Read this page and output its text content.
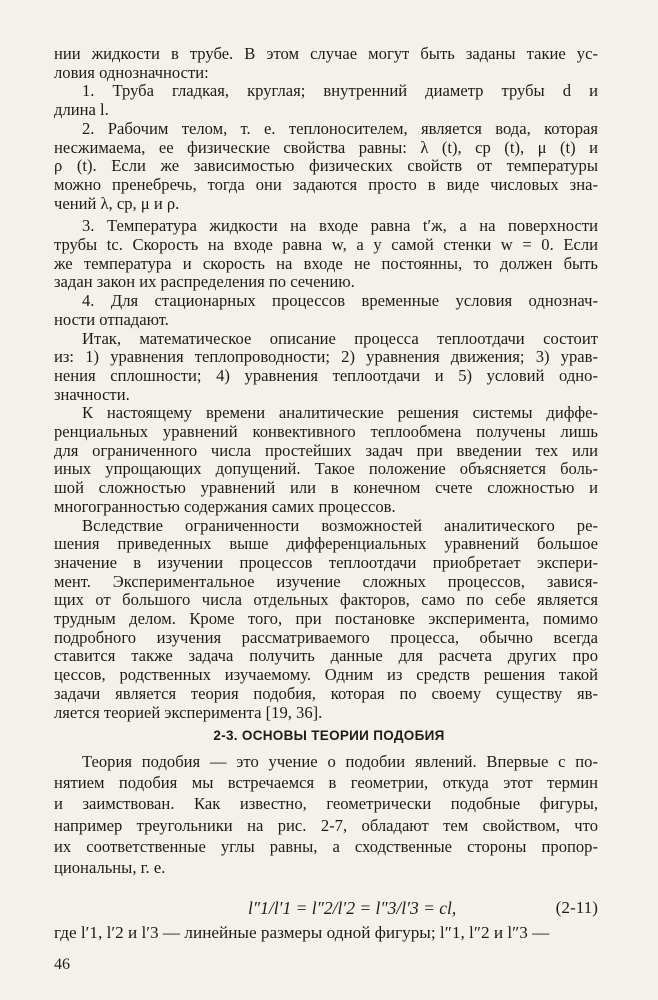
нии жидкости в трубе. В этом случае могут быть заданы такие ус-
ловия однозначности:
1. Труба гладкая, круглая; внутренний диаметр трубы d и
длина l.
2. Рабочим телом, т. е. теплоносителем, является вода, которая
несжимаема, ее физические свойства равны: λ (t), cp (t), μ (t) и
ρ (t). Если же зависимостью физических свойств от температуры
можно пренебречь, тогда они задаются просто в виде числовых зна-
чений λ, cp, μ и ρ.
3. Температура жидкости на входе равна t′ж, а на поверхности
трубы tc. Скорость на входе равна w, а у самой стенки w = 0. Если
же температура и скорость на входе не постоянны, то должен быть
задан закон их распределения по сечению.
4. Для стационарных процессов временные условия однознач-
ности отпадают.
Итак, математическое описание процесса теплоотдачи состоит
из: 1) уравнения теплопроводности; 2) уравнения движения; 3) урав-
нения сплошности; 4) уравнения теплоотдачи и 5) условий одно-
значности.
К настоящему времени аналитические решения системы диффе-
ренциальных уравнений конвективного теплообмена получены лишь
для ограниченного числа простейших задач при введении тех или
иных упрощающих допущений. Такое положение объясняется боль-
шой сложностью уравнений или в конечном счете сложностью и
многогранностью содержания самих процессов.
Вследствие ограниченности возможностей аналитического ре-
шения приведенных выше дифференциальных уравнений большое
значение в изучении процессов теплоотдачи приобретает экспери-
мент. Экспериментальное изучение сложных процессов, завися-
щих от большого числа отдельных факторов, само по себе является
трудным делом. Кроме того, при постановке эксперимента, помимо
подробного изучения рассматриваемого процесса, обычно всегда
ставится также задача получить данные для расчета других про
цессов, родственных изучаемому. Одним из средств решения такой
задачи является теория подобия, которая по своему существу яв-
ляется теорией эксперимента [19, 36].
Теория подобия — это учение о подобии явлений. Впервые с по-
нятием подобия мы встречаемся в геометрии, откуда этот термин
и заимствован. Как известно, геометрически подобные фигуры,
например треугольники на рис. 2-7, обладают тем свойством, что
их соответственные углы равны, а сходственные стороны пропор-
циональны, г. е.
2-3. ОСНОВЫ ТЕОРИИ ПОДОБИЯ
l″1/l′1 = l″2/l′2 = l″3/l′3 = cl,	(2-11)
где l′1, l′2 и l′3 — линейные размеры одной фигуры; l″1, l″2 и l″3 —
46
